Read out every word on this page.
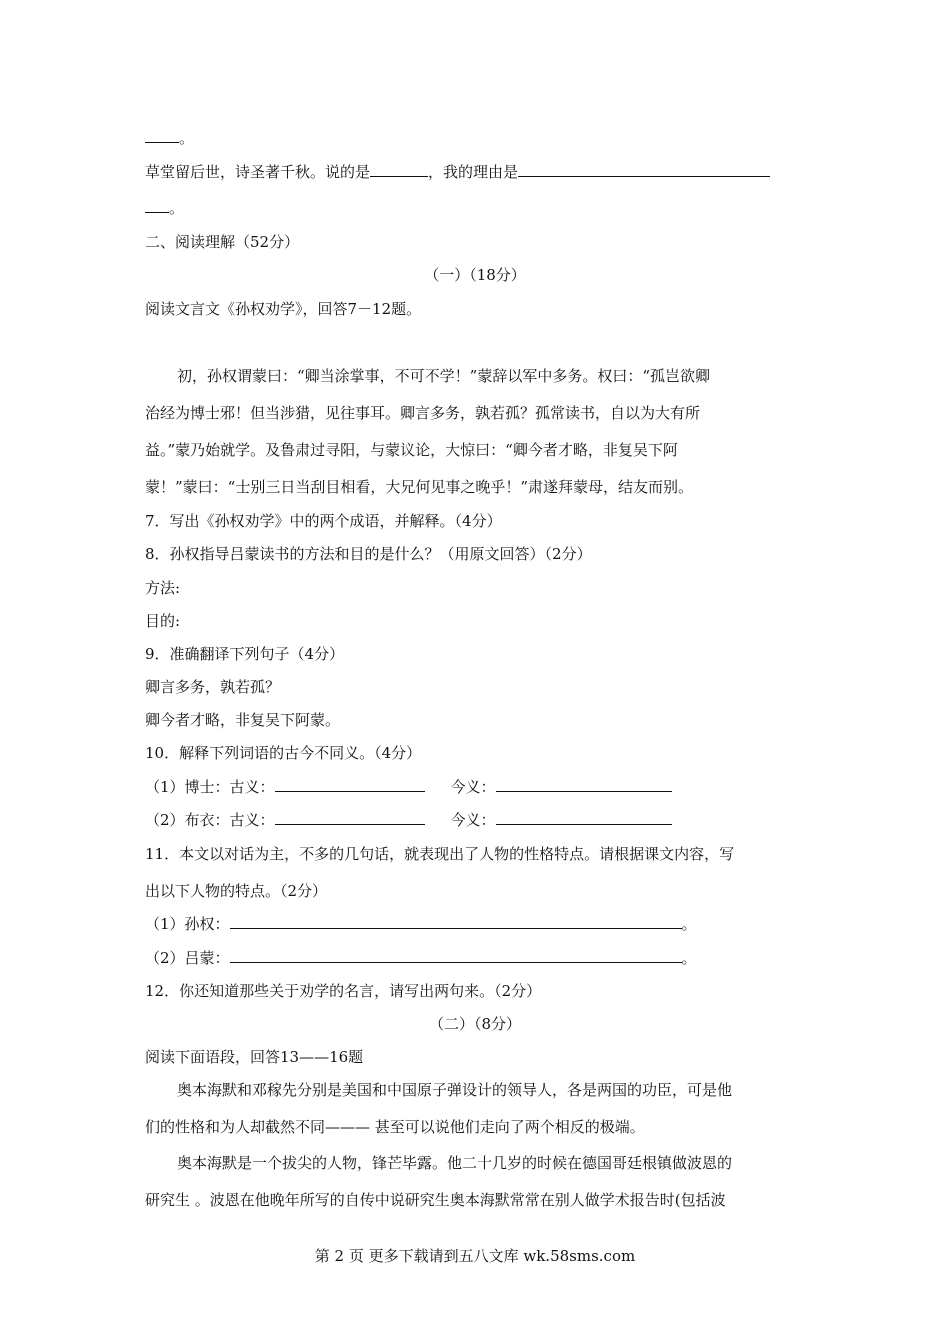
。
草堂留后世，诗圣著千秋。说的是	，我的理由是
。
二、阅读理解（52分）
（一）（18分）
阅读文言文《孙权劝学》，回答7－12题。
初，孙权谓蒙曰：“卿当涂掌事，不可不学！”蒙辞以军中多务。权曰：“孤岂欲卿
治经为博士邪！但当涉猎，见往事耳。卿言多务，孰若孤？孤常读书，自以为大有所
益。”蒙乃始就学。及鲁肃过寻阳，与蒙议论，大惊曰：“卿今者才略，非复吴下阿
蒙！”蒙曰：“士别三日当刮目相看，大兄何见事之晚乎！”肃遂拜蒙母，结友而别。
7．写出《孙权劝学》中的两个成语，并解释。（4分）
8．孙权指导吕蒙读书的方法和目的是什么？（用原文回答）（2分）
方法:
目的:
9．准确翻译下列句子（4分）
卿言多务，孰若孤？
卿今者才略，非复吴下阿蒙。
10．解释下列词语的古今不同义。（4分）
（1）博士：古义：	今义：
（2）布衣：古义：	今义：
11．本文以对话为主，不多的几句话，就表现出了人物的性格特点。请根据课文内容，写
出以下人物的特点。（2分）
（1）孙权：	。
（2）吕蒙：	。
12．你还知道那些关于劝学的名言，请写出两句来。（2分）
（二）（8分）
阅读下面语段，回答13——16题
奥本海默和邓稼先分别是美国和中国原子弹设计的领导人，各是两国的功臣，可是他
们的性格和为人却截然不同——— 甚至可以说他们走向了两个相反的极端。
奥本海默是一个拔尖的人物，锋芒毕露。他二十几岁的时候在德国哥廷根镇做波恩的
研究生 。波恩在他晚年所写的自传中说研究生奥本海默常常在别人做学术报告时(包括波
第 2 页 更多下载请到五八文库 wk.58sms.com
